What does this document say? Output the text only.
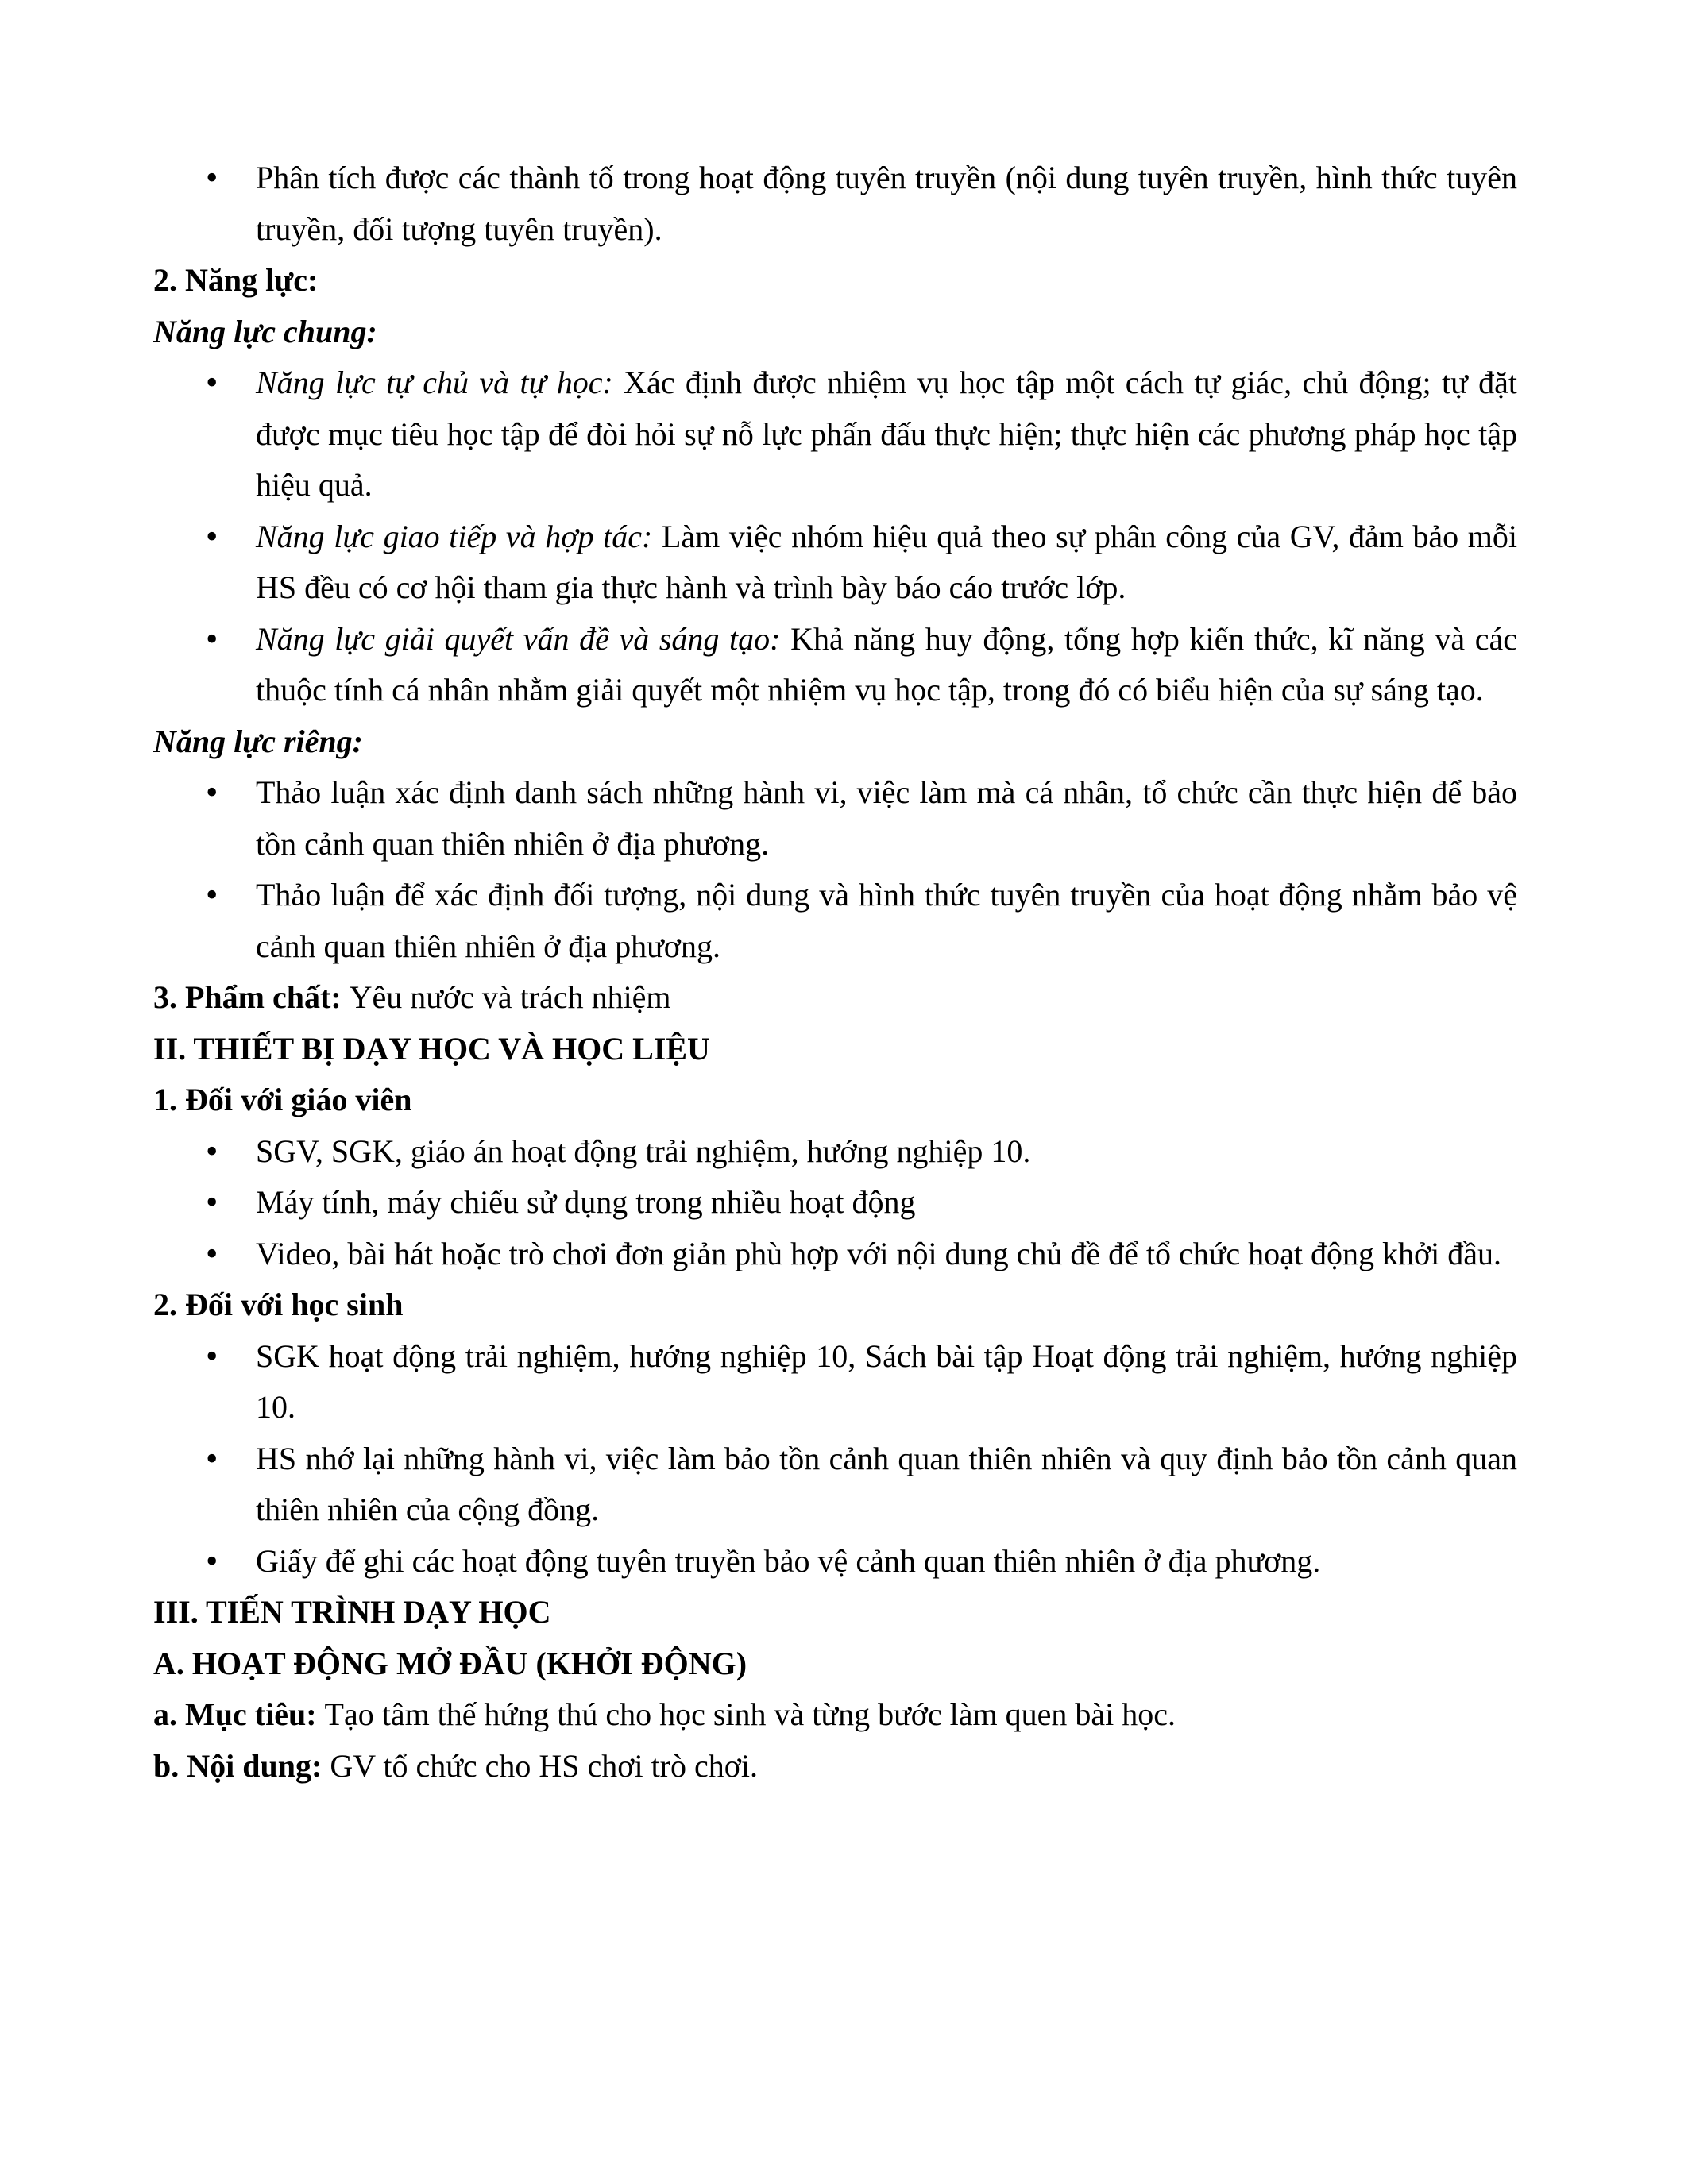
• Phân tích được các thành tố trong hoạt động tuyên truyền (nội dung tuyên truyền, hình thức tuyên truyền, đối tượng tuyên truyền).

2. Năng lực:

Năng lực chung:

• Năng lực tự chủ và tự học: Xác định được nhiệm vụ học tập một cách tự giác, chủ động; tự đặt được mục tiêu học tập để đòi hỏi sự nỗ lực phấn đấu thực hiện; thực hiện các phương pháp học tập hiệu quả.

• Năng lực giao tiếp và hợp tác: Làm việc nhóm hiệu quả theo sự phân công của GV, đảm bảo mỗi HS đều có cơ hội tham gia thực hành và trình bày báo cáo trước lớp.

• Năng lực giải quyết vấn đề và sáng tạo: Khả năng huy động, tổng hợp kiến thức, kĩ năng và các thuộc tính cá nhân nhằm giải quyết một nhiệm vụ học tập, trong đó có biểu hiện của sự sáng tạo.

Năng lực riêng:

• Thảo luận xác định danh sách những hành vi, việc làm mà cá nhân, tổ chức cần thực hiện để bảo tồn cảnh quan thiên nhiên ở địa phương.

• Thảo luận để xác định đối tượng, nội dung và hình thức tuyên truyền của hoạt động nhằm bảo vệ cảnh quan thiên nhiên ở địa phương.

3. Phẩm chất: Yêu nước và trách nhiệm

II. THIẾT BỊ DẠY HỌC VÀ HỌC LIỆU

1. Đối với giáo viên

• SGV, SGK, giáo án hoạt động trải nghiệm, hướng nghiệp 10.

• Máy tính, máy chiếu sử dụng trong nhiều hoạt động

• Video, bài hát hoặc trò chơi đơn giản phù hợp với nội dung chủ đề để tổ chức hoạt động khởi đầu.

2. Đối với học sinh

• SGK hoạt động trải nghiệm, hướng nghiệp 10, Sách bài tập Hoạt động trải nghiệm, hướng nghiệp 10.

• HS nhớ lại những hành vi, việc làm bảo tồn cảnh quan thiên nhiên và quy định bảo tồn cảnh quan thiên nhiên của cộng đồng.

• Giấy để ghi các hoạt động tuyên truyền bảo vệ cảnh quan thiên nhiên ở địa phương.

III. TIẾN TRÌNH DẠY HỌC

A. HOẠT ĐỘNG MỞ ĐẦU (KHỞI ĐỘNG)

a. Mục tiêu: Tạo tâm thế hứng thú cho học sinh và từng bước làm quen bài học.

b. Nội dung: GV tổ chức cho HS chơi trò chơi.
